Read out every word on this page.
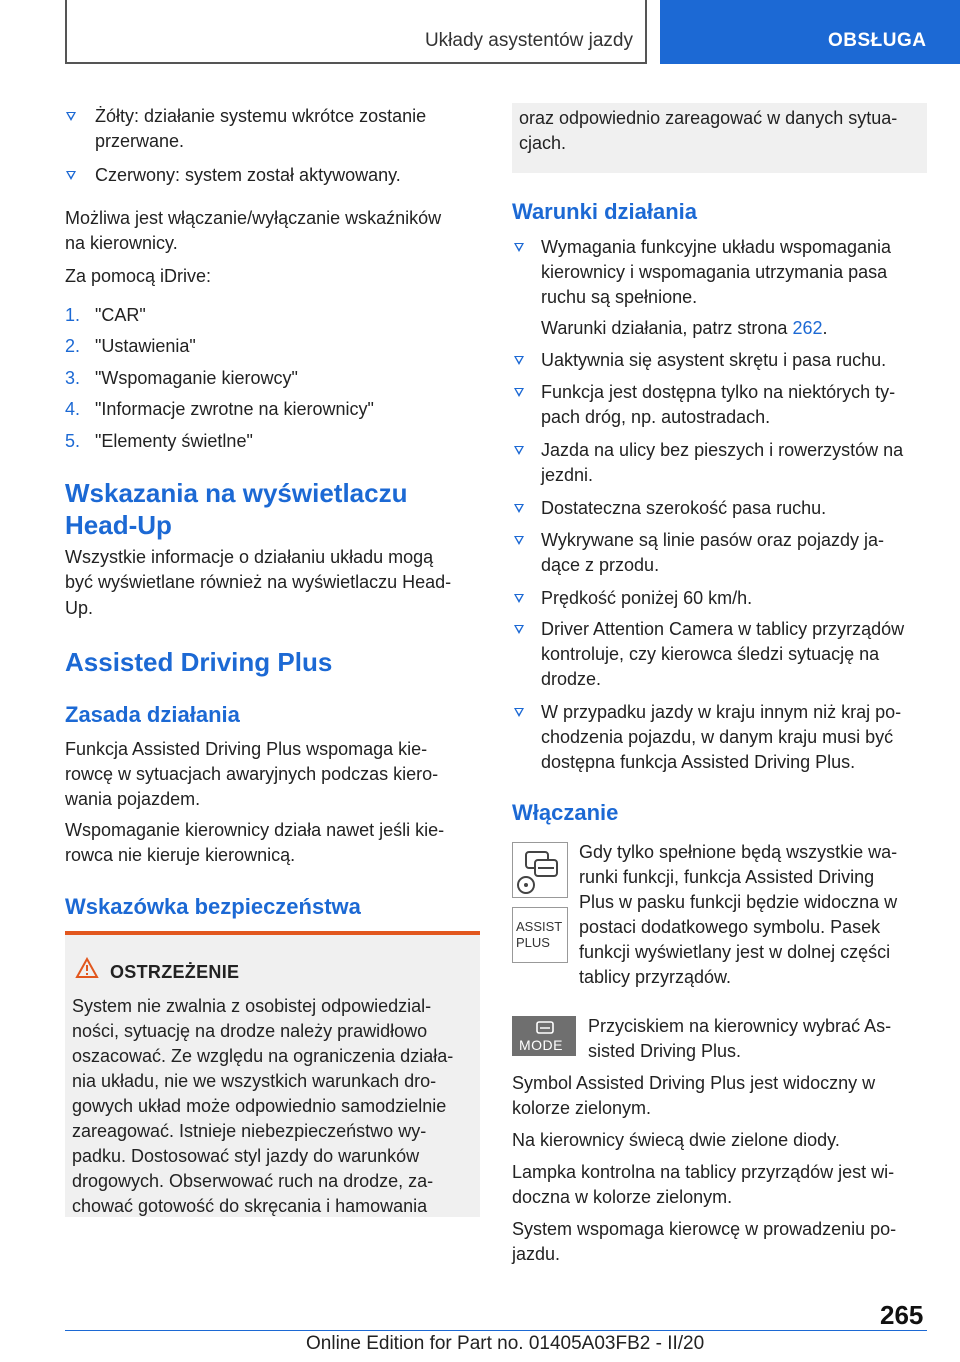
Układy asystentów jazdy	OBSŁUGA

Żółty: działanie systemu wkrótce zostanie

przerwane.

Czerwony: system został aktywowany.

Możliwa jest włączanie/wyłączanie wskaźników

na kierownicy.

Za pomocą iDrive:

1. "CAR"

2. "Ustawienia"

3. "Wspomaganie kierowcy"

4. "Informacje zwrotne na kierownicy"

5. "Elementy świetlne"

Wskazania na wyświetlaczu
Head-Up

Wszystkie informacje o działaniu układu mogą

być wyświetlane również na wyświetlaczu Head-

Up.

Assisted Driving Plus
Zasada działania

Funkcja Assisted Driving Plus wspomaga kie-

rowcę w sytuacjach awaryjnych podczas kiero-

wania pojazdem.

Wspomaganie kierownicy działa nawet jeśli kie-

rowca nie kieruje kierownicą.

Wskazówka bezpieczeństwa

OSTRZEŻENIE

System nie zwalnia z osobistej odpowiedzial-

ności, sytuację na drodze należy prawidłowo

oszacować. Ze względu na ograniczenia działa-

nia układu, nie we wszystkich warunkach dro-

gowych układ może odpowiednio samodzielnie

zareagować. Istnieje niebezpieczeństwo wy-

padku. Dostosować styl jazdy do warunków

drogowych. Obserwować ruch na drodze, za-

chować gotowość do skręcania i hamowania

oraz odpowiednio zareagować w danych sytua-

cjach.

Warunki działania

Wymagania funkcyjne układu wspomagania

kierownicy i wspomagania utrzymania pasa

ruchu są spełnione.

Warunki działania, patrz strona 262.

Uaktywnia się asystent skrętu i pasa ruchu.

Funkcja jest dostępna tylko na niektórych ty-

pach dróg, np. autostradach.

Jazda na ulicy bez pieszych i rowerzystów na

jezdni.

Dostateczna szerokość pasa ruchu.

Wykrywane są linie pasów oraz pojazdy ja-

dące z przodu.

Prędkość poniżej 60 km/h.

Driver Attention Camera w tablicy przyrządów

kontroluje, czy kierowca śledzi sytuację na

drodze.

W przypadku jazdy w kraju innym niż kraj po-

chodzenia pojazdu, w danym kraju musi być

dostępna funkcja Assisted Driving Plus.

Włączanie
ASSIST
PLUS

Gdy tylko spełnione będą wszystkie wa-

runki funkcji, funkcja Assisted Driving

Plus w pasku funkcji będzie widoczna w

postaci dodatkowego symbolu. Pasek

funkcji wyświetlany jest w dolnej części

tablicy przyrządów.

MODE

Przyciskiem na kierownicy wybrać As-

sisted Driving Plus.

Symbol Assisted Driving Plus jest widoczny w

kolorze zielonym.

Na kierownicy świecą dwie zielone diody.

Lampka kontrolna na tablicy przyrządów jest wi-

doczna w kolorze zielonym.

System wspomaga kierowcę w prowadzeniu po-

jazdu.

265
Online Edition for Part no. 01405A03FB2 - II/20
